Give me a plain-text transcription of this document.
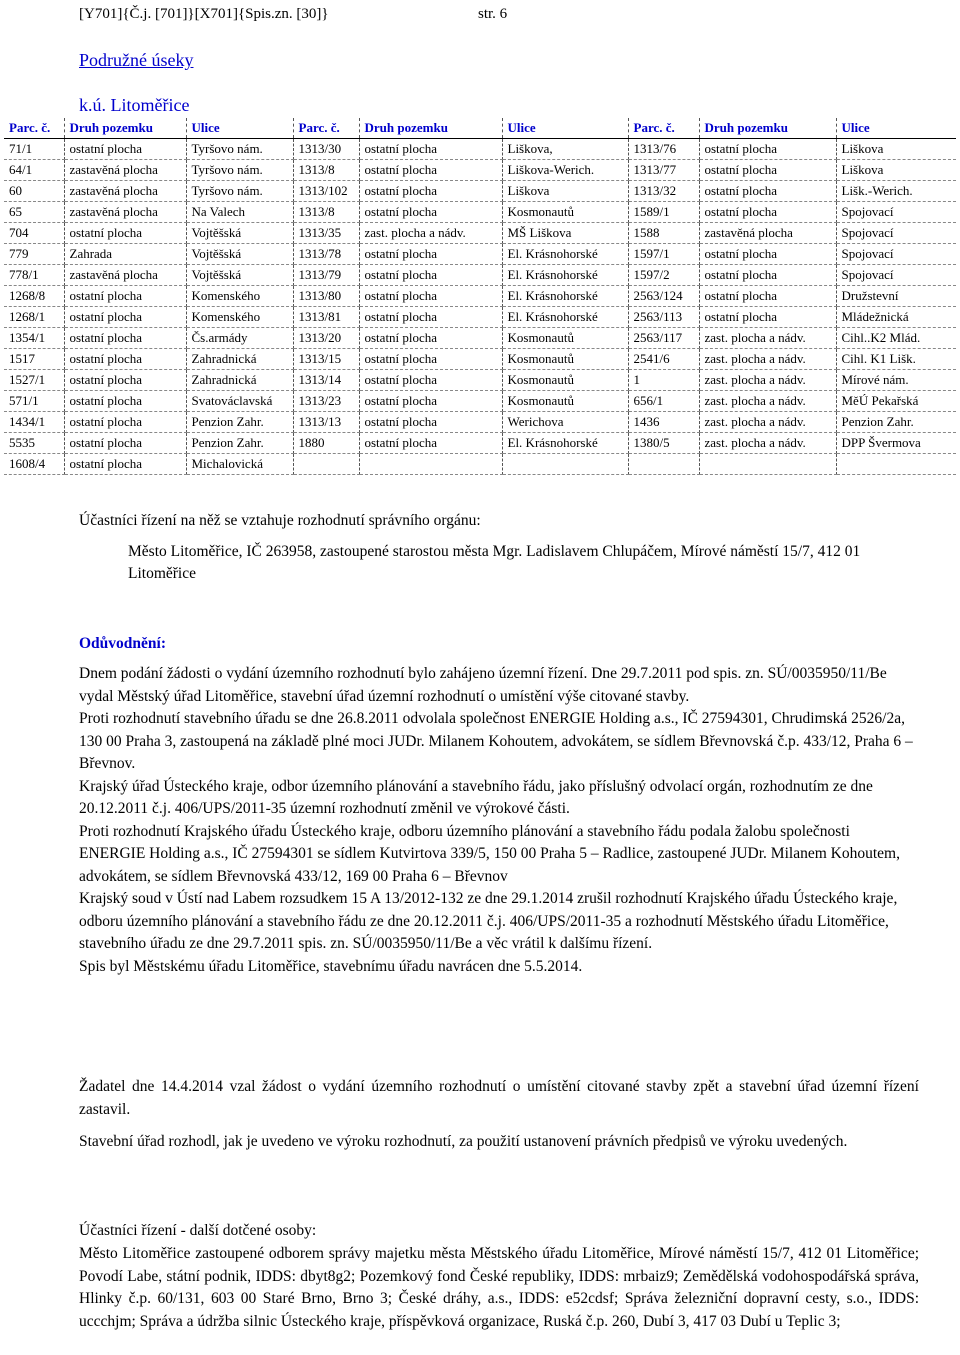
[Y701]{Č.j. [701]}[X701]{Spis.zn. [30]}	str. 6
Podružné úseky
k.ú. Litoměřice
Parc. č.	Druh pozemku	Ulice	Parc. č.	Druh pozemku	Ulice	Parc. č.	Druh pozemku	Ulice
71/1	ostatní plocha	Tyršovo nám.	1313/30	ostatní plocha	Liškova,	1313/76	ostatní plocha	Liškova
64/1	zastavěná plocha	Tyršovo nám.	1313/8	ostatní plocha	Liškova-Werich.	1313/77	ostatní plocha	Liškova
60	zastavěná plocha	Tyršovo nám.	1313/102	ostatní plocha	Liškova	1313/32	ostatní plocha	Lišk.-Werich.
65	zastavěná plocha	Na Valech	1313/8	ostatní plocha	Kosmonautů	1589/1	ostatní plocha	Spojovací
704	ostatní plocha	Vojtěšská	1313/35	zast. plocha a nádv.	MŠ Liškova	1588	zastavěná plocha	Spojovací
779	Zahrada	Vojtěšská	1313/78	ostatní plocha	El. Krásnohorské	1597/1	ostatní plocha	Spojovací
778/1	zastavěná plocha	Vojtěšská	1313/79	ostatní plocha	El. Krásnohorské	1597/2	ostatní plocha	Spojovací
1268/8	ostatní plocha	Komenského	1313/80	ostatní plocha	El. Krásnohorské	2563/124	ostatní plocha	Družstevní
1268/1	ostatní plocha	Komenského	1313/81	ostatní plocha	El. Krásnohorské	2563/113	ostatní plocha	Mládežnická
1354/1	ostatní plocha	Čs.armády	1313/20	ostatní plocha	Kosmonautů	2563/117	zast. plocha a nádv.	Cihl..K2 Mlád.
1517	ostatní plocha	Zahradnická	1313/15	ostatní plocha	Kosmonautů	2541/6	zast. plocha a nádv.	Cihl. K1 Lišk.
1527/1	ostatní plocha	Zahradnická	1313/14	ostatní plocha	Kosmonautů	1	zast. plocha a nádv.	Mírové nám.
571/1	ostatní plocha	Svatováclavská	1313/23	ostatní plocha	Kosmonautů	656/1	zast. plocha a nádv.	MěÚ Pekařská
1434/1	ostatní plocha	Penzion Zahr.	1313/13	ostatní plocha	Werichova	1436	zast. plocha a nádv.	Penzion Zahr.
5535	ostatní plocha	Penzion Zahr.	1880	ostatní plocha	El. Krásnohorské	1380/5	zast. plocha a nádv.	DPP Švermova
1608/4	ostatní plocha	Michalovická						
Účastníci řízení na něž se vztahuje rozhodnutí správního orgánu:
Město Litoměřice, IČ 263958, zastoupené starostou města Mgr. Ladislavem Chlupáčem, Mírové náměstí 15/7, 412 01 Litoměřice
Odůvodnění:

Dnem podání žádosti o vydání územního rozhodnutí bylo zahájeno územní řízení. Dne 29.7.2011 pod spis. zn. SÚ/0035950/11/Be vydal Městský úřad Litoměřice, stavební úřad územní rozhodnutí o umístění výše citované stavby.

Proti rozhodnutí stavebního úřadu se dne 26.8.2011 odvolala společnost ENERGIE Holding a.s., IČ 27594301, Chrudimská 2526/2a, 130 00 Praha 3, zastoupená na základě plné moci JUDr. Milanem Kohoutem, advokátem, se sídlem Břevnovská č.p. 433/12, Praha 6 – Břevnov.

Krajský úřad Ústeckého kraje, odbor územního plánování a stavebního řádu, jako příslušný odvolací orgán, rozhodnutím ze dne 20.12.2011 č.j. 406/UPS/2011-35 územní rozhodnutí změnil ve výrokové části.

Proti rozhodnutí Krajského úřadu Ústeckého kraje, odboru územního plánování a stavebního řádu podala žalobu společnosti ENERGIE Holding a.s., IČ 27594301 se sídlem Kutvirtova 339/5, 150 00 Praha 5 – Radlice, zastoupené JUDr. Milanem Kohoutem, advokátem, se sídlem Břevnovská 433/12, 169 00 Praha 6 – Břevnov

Krajský soud v Ústí nad Labem rozsudkem 15 A 13/2012-132 ze dne 29.1.2014 zrušil rozhodnutí Krajského úřadu Ústeckého kraje, odboru územního plánování a stavebního řádu ze dne 20.12.2011 č.j. 406/UPS/2011-35 a rozhodnutí Městského úřadu Litoměřice, stavebního úřadu ze dne 29.7.2011 spis. zn. SÚ/0035950/11/Be a věc vrátil k dalšímu řízení.

Spis byl Městskému úřadu Litoměřice, stavebnímu úřadu navrácen dne 5.5.2014.

Žadatel dne 14.4.2014 vzal žádost o vydání územního rozhodnutí o umístění citované stavby zpět a stavební úřad územní řízení zastavil.
Stavební úřad rozhodl, jak je uvedeno ve výroku rozhodnutí, za použití ustanovení právních předpisů ve výroku uvedených.
Účastníci řízení - další dotčené osoby:
Město Litoměřice zastoupené odborem správy majetku města Městského úřadu Litoměřice, Mírové náměstí 15/7, 412 01 Litoměřice; Povodí Labe, státní podnik, IDDS: dbyt8g2; Pozemkový fond České republiky, IDDS: mrbaiz9; Zemědělská vodohospodářská správa, Hlinky č.p. 60/131, 603 00 Staré Brno, Brno 3; České dráhy, a.s., IDDS: e52cdsf; Správa železniční dopravní cesty, s.o., IDDS: uccchjm; Správa a údržba silnic Ústeckého kraje, příspěvková organizace, Ruská č.p. 260, Dubí 3, 417 03 Dubí u Teplic 3;
